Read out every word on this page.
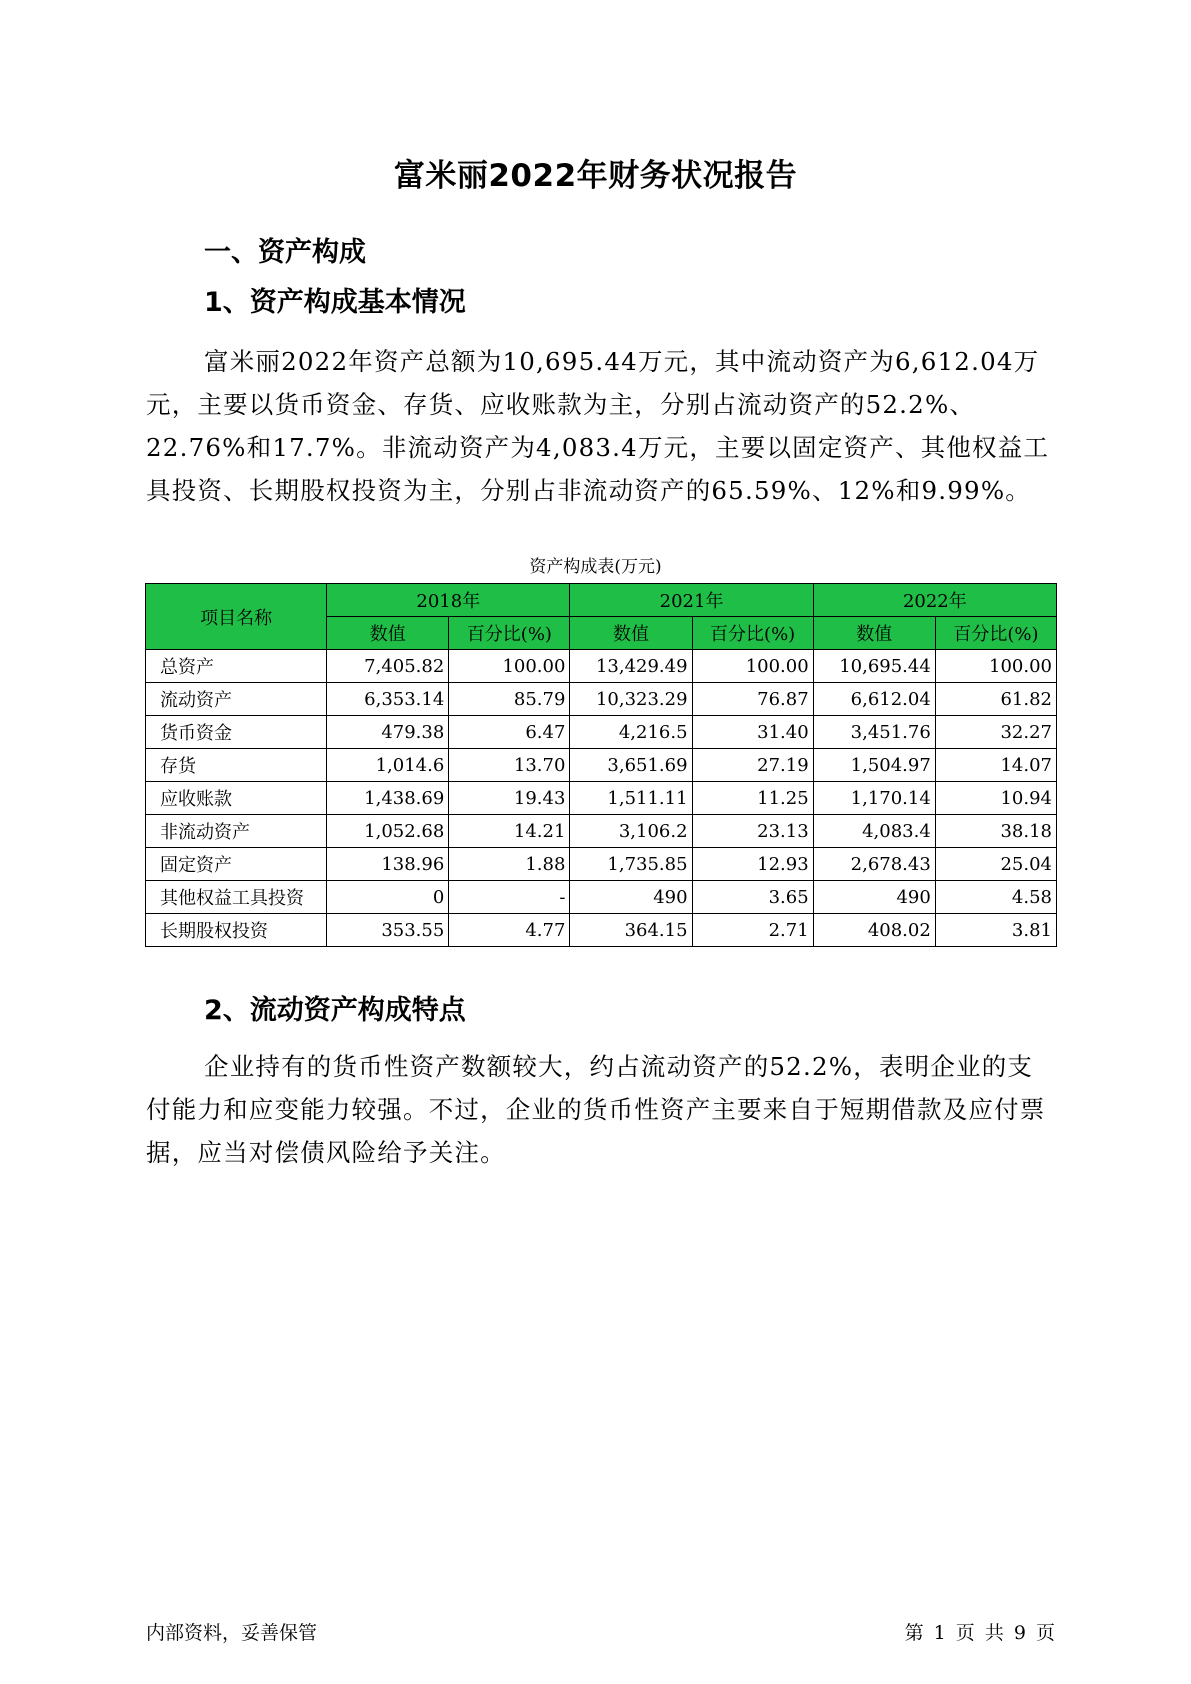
富米丽2022年财务状况报告
一、资产构成
1、资产构成基本情况

富米丽2022年资产总额为10,695.44万元，其中流动资产为6,612.04万元，主要以货币资金、存货、应收账款为主，分别占流动资产的52.2%、22.76%和17.7%。非流动资产为4,083.4万元，主要以固定资产、其他权益工具投资、长期股权投资为主，分别占非流动资产的65.59%、12%和9.99%。

资产构成表(万元)
项目名称	2018年		2021年		2022年	
	数值	百分比(%)	数值	百分比(%)	数值	百分比(%)
总资产	7,405.82	100.00	13,429.49	100.00	10,695.44	100.00
流动资产	6,353.14	85.79	10,323.29	76.87	6,612.04	61.82
货币资金	479.38	6.47	4,216.5	31.40	3,451.76	32.27
存货	1,014.6	13.70	3,651.69	27.19	1,504.97	14.07
应收账款	1,438.69	19.43	1,511.11	11.25	1,170.14	10.94
非流动资产	1,052.68	14.21	3,106.2	23.13	4,083.4	38.18
固定资产	138.96	1.88	1,735.85	12.93	2,678.43	25.04
其他权益工具投资	0	-	490	3.65	490	4.58
长期股权投资	353.55	4.77	364.15	2.71	408.02	3.81
2、流动资产构成特点

企业持有的货币性资产数额较大，约占流动资产的52.2%，表明企业的支付能力和应变能力较强。不过，企业的货币性资产主要来自于短期借款及应付票据，应当对偿债风险给予关注。

内部资料，妥善保管	第 1 页 共 9 页
